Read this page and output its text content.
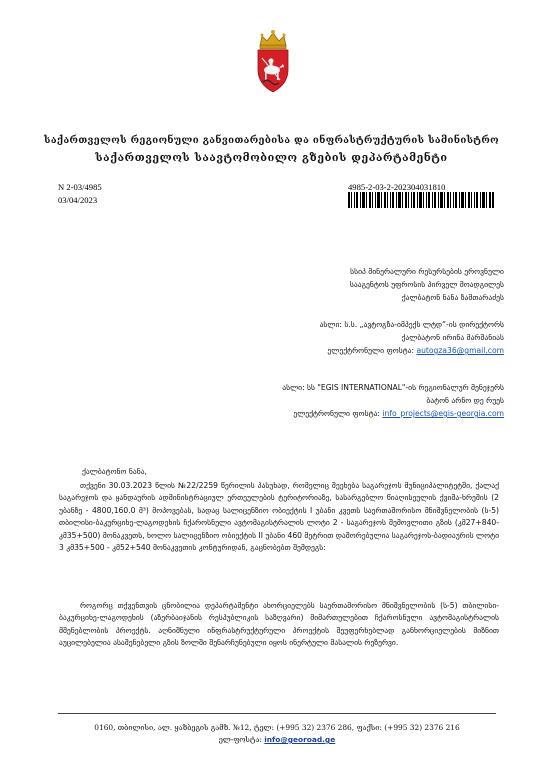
საქართველოს რეგიონული განვითარებისა და ინფრასტრუქტურის სამინისტრო
საქართველოს საავტომობილო გზების დეპარტამენტი
N 2-03/4985
03/04/2023
4985-2-03-2-202304031810
სსიპ მინერალური რესურსების ეროვნული
სააგენტოს უფროსის პირველ მოადგილეს
ქალბატონ ნანა ზამთარაძეს
ასლი: ს.ს. „ავტოგზა-იმპექს ლტდ“-ის დირექტორს
ქალბატონ ირინა მარშანიას
ელექტრონული ფოსტა: autogza36@gmail.com
ასლი: სს "EGIS INTERNATIONAL"-ის რეგიონალურ მენეჯერს
ბატონ არნო დე რუეს
ელექტრონული ფოსტა: info_projects@egis-georgia.com
ქალბატონო ნანა,
თქვენი 30.03.2023 წლის №22/2259 წერილის პასუხად, რომელიც შეეხება საგარეჯოს მუნიციპალიტეტში, ქალაქ საგარეჯოს და ყანდაურის ადმინისტრაციულ ერთეულების ტერიტორიაზე, სასარგებლო წიაღისეულის ქვიშა-ხრეშის (2 უბანზე - 4800,160.0 მ³) მოპოვებას, სადაც სალიცენზიო ობიექტის I უბანი კვეთს საერთაშორისო მნიშვნელობის (ს-5) თბილისი-ბაკურციხე-ლაგოდეხის ჩქაროსნული ავტომაგისტრალის ლოტი 2 - საგარეჯოს შემოვლითი გზის (კმ27+840-კმ35+500) მონაკვეთს, ხოლო სალიცენზიო ობიექტის II უბანი 460 მეტრით დაშორებულია საგარეჯოს-ბადიაურის ლოტი 3 კმ35+500 - კმ52+540 მონაკვეთის კონტურიდან, გაცნობებთ შემდეგს:
როგორც თქვენთვის ცნობილია დეპარტამენტი ახორციელებს საერთაშორისო მნიშვნელობის (ს-5) თბილისი-ბაკურციხე-ლაგოდეხის (აზერბაიჯანის რესპუბლიკის საზღვარი) მიმართულებით ჩქაროსნული ავტომაგისტრალის მშენებლობის პროექტს. აღნიშნული ინფრასტრუქტურული პროექტის შეუფერხებლად განხორციელების მიზნით აუცილებელია ასაშენებელი გზის ზოლში შენარჩუნებული იყოს ინერტული მასალის რეზერვი.
0160, თბილისი, ალ. ყაზბეგის გამზ. №12, ტელ: (+995 32) 2376 286, ფაქსი: (+995 32) 2376 216
ელ-ფოსტა: info@georoad.ge
